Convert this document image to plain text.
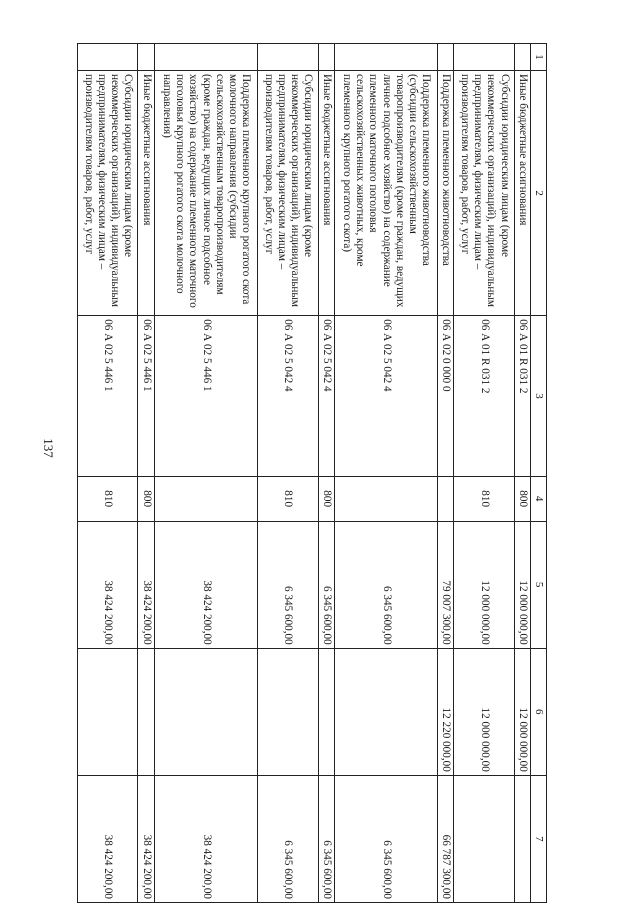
137
1	2	3	4	5	6	7
	Иные бюджетные ассигнования	06 А 01 R 031 2	800	12 000 000,00	12 000 000,00	
	Субсидии юридическим лицам (кроме некоммерческих организаций), индивидуальным предпринимателям, физическим лицам – производителям товаров, работ, услуг	06 А 01 R 031 2	810	12 000 000,00	12 000 000,00	
	Поддержка племенного животноводства	06 А 02 0 000 0		79 007 300,00	12 220 000,00	66 787 300,00
	Поддержка племенного животноводства (субсидии сельскохозяйственным товаропроизводителям (кроме граждан, ведущих личное подсобное хозяйство) на содержание племенного маточного поголовья сельскохозяйственных животных, кроме племенного крупного рогатого скота)	06 А 02 5 042 4		6 345 600,00		6 345 600,00
	Иные бюджетные ассигнования	06 А 02 5 042 4	800	6 345 600,00		6 345 600,00
	Субсидии юридическим лицам (кроме некоммерческих организаций), индивидуальным предпринимателям, физическим лицам – производителям товаров, работ, услуг	06 А 02 5 042 4	810	6 345 600,00		6 345 600,00
	Поддержка племенного крупного рогатого скота молочного направления (субсидии сельскохозяйственным товаропроизводителям (кроме граждан, ведущих личное подсобное хозяйство) на содержание племенного маточного поголовья крупного рогатого скота молочного направления)	06 А 02 5 446 1		38 424 200,00		38 424 200,00
	Иные бюджетные ассигнования	06 А 02 5 446 1	800	38 424 200,00		38 424 200,00
	Субсидии юридическим лицам (кроме некоммерческих организаций), индивидуальным предпринимателям, физическим лицам – производителям товаров, работ, услуг	06 А 02 5 446 1	810	38 424 200,00		38 424 200,00
